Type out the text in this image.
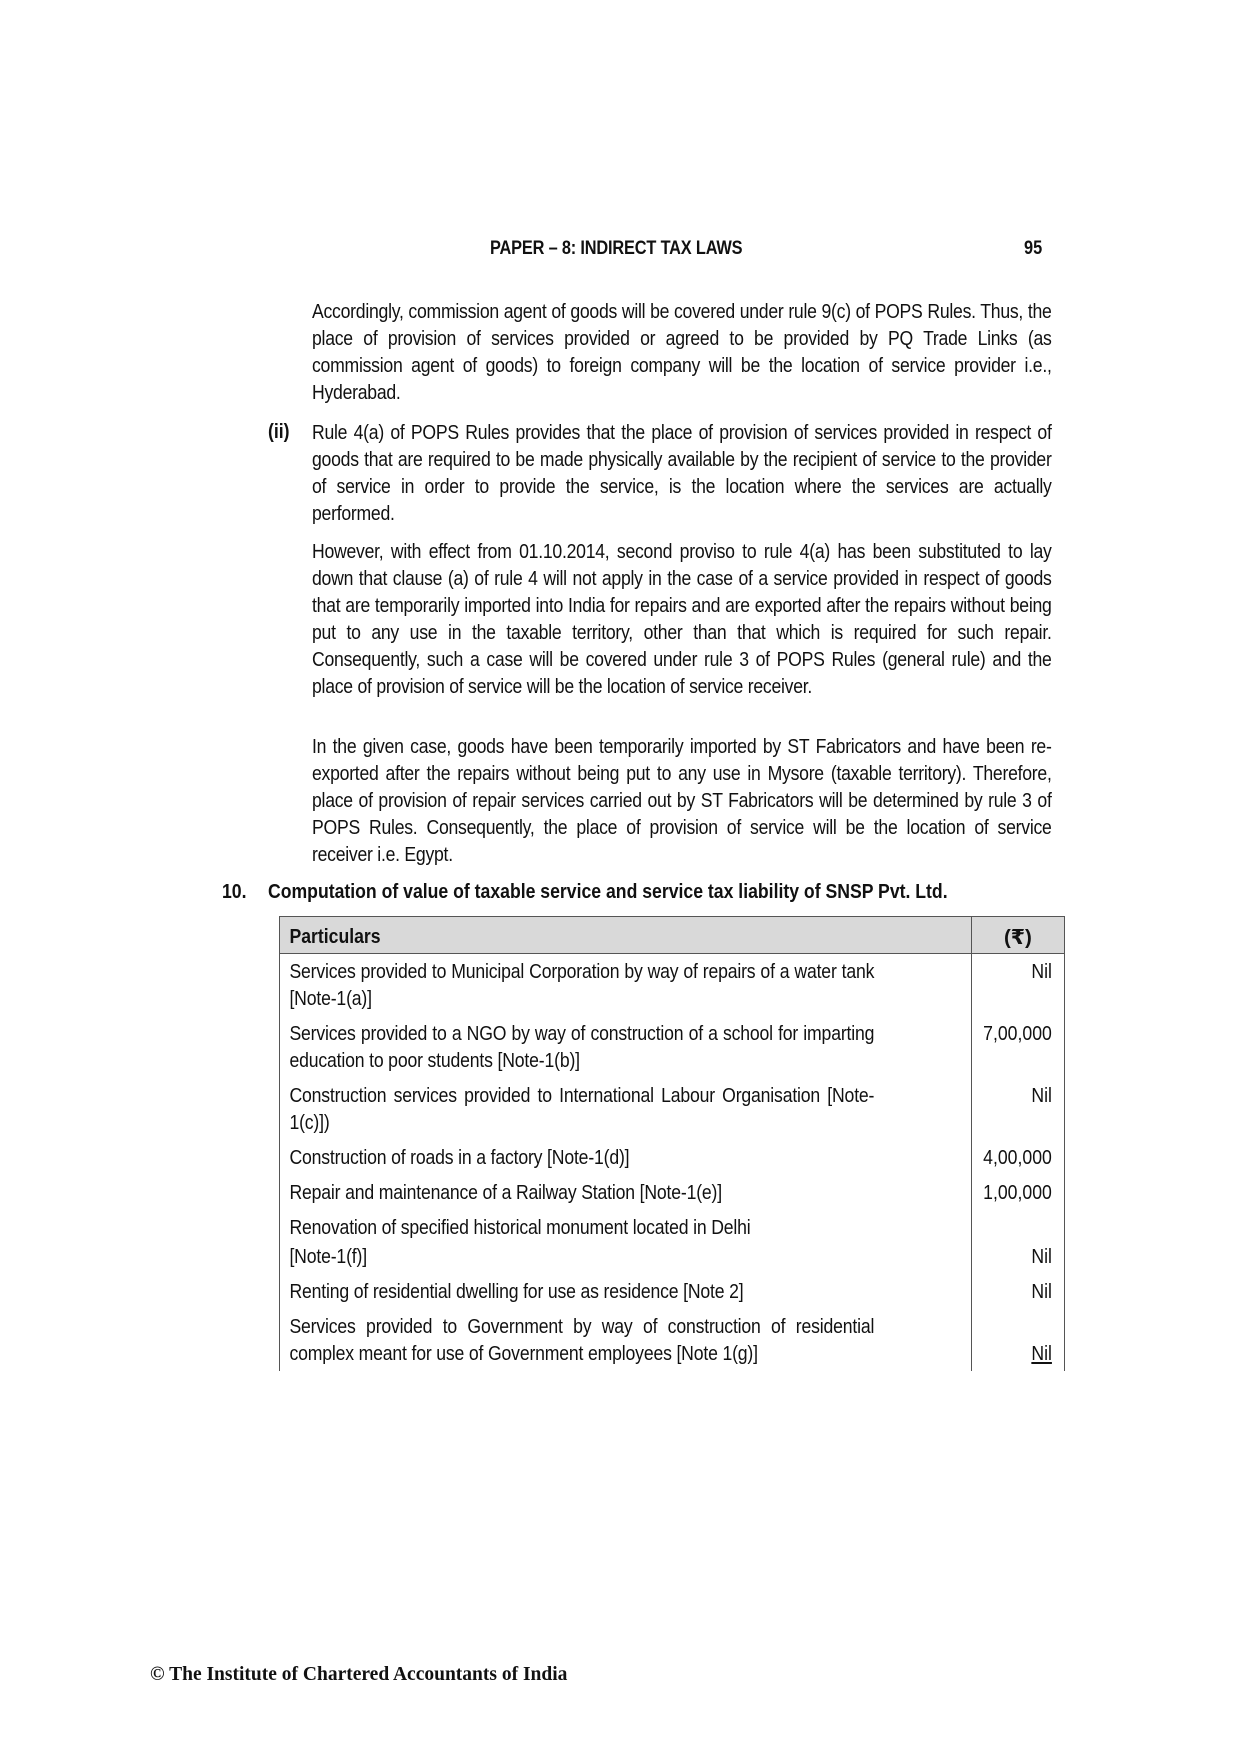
PAPER – 8: INDIRECT TAX LAWS	95
Accordingly, commission agent of goods will be covered under rule 9(c) of POPS Rules. Thus, the place of provision of services provided or agreed to be provided by PQ Trade Links (as commission agent of goods) to foreign company will be the location of service provider i.e., Hyderabad.
(ii) Rule 4(a) of POPS Rules provides that the place of provision of services provided in respect of goods that are required to be made physically available by the recipient of service to the provider of service in order to provide the service, is the location where the services are actually performed.
However, with effect from 01.10.2014, second proviso to rule 4(a) has been substituted to lay down that clause (a) of rule 4 will not apply in the case of a service provided in respect of goods that are temporarily imported into India for repairs and are exported after the repairs without being put to any use in the taxable territory, other than that which is required for such repair. Consequently, such a case will be covered under rule 3 of POPS Rules (general rule) and the place of provision of service will be the location of service receiver.
In the given case, goods have been temporarily imported by ST Fabricators and have been re-exported after the repairs without being put to any use in Mysore (taxable territory). Therefore, place of provision of repair services carried out by ST Fabricators will be determined by rule 3 of POPS Rules. Consequently, the place of provision of service will be the location of service receiver i.e. Egypt.
10. Computation of value of taxable service and service tax liability of SNSP Pvt. Ltd.
Particulars	(₹)

Services provided to Municipal Corporation by way of repairs of a water tank [Note-1(a)]	Nil

Services provided to a NGO by way of construction of a school for imparting education to poor students [Note-1(b)]	7,00,000

Construction services provided to International Labour Organisation [Note-1(c)])	Nil

Construction of roads in a factory [Note-1(d)]	4,00,000

Repair and maintenance of a Railway Station [Note-1(e)]	1,00,000

Renovation of specified historical monument located in Delhi
[Note-1(f)]	Nil

Renting of residential dwelling for use as residence [Note 2]	Nil

Services provided to Government by way of construction of residential complex meant for use of Government employees [Note 1(g)]	Nil
© The Institute of Chartered Accountants of India
